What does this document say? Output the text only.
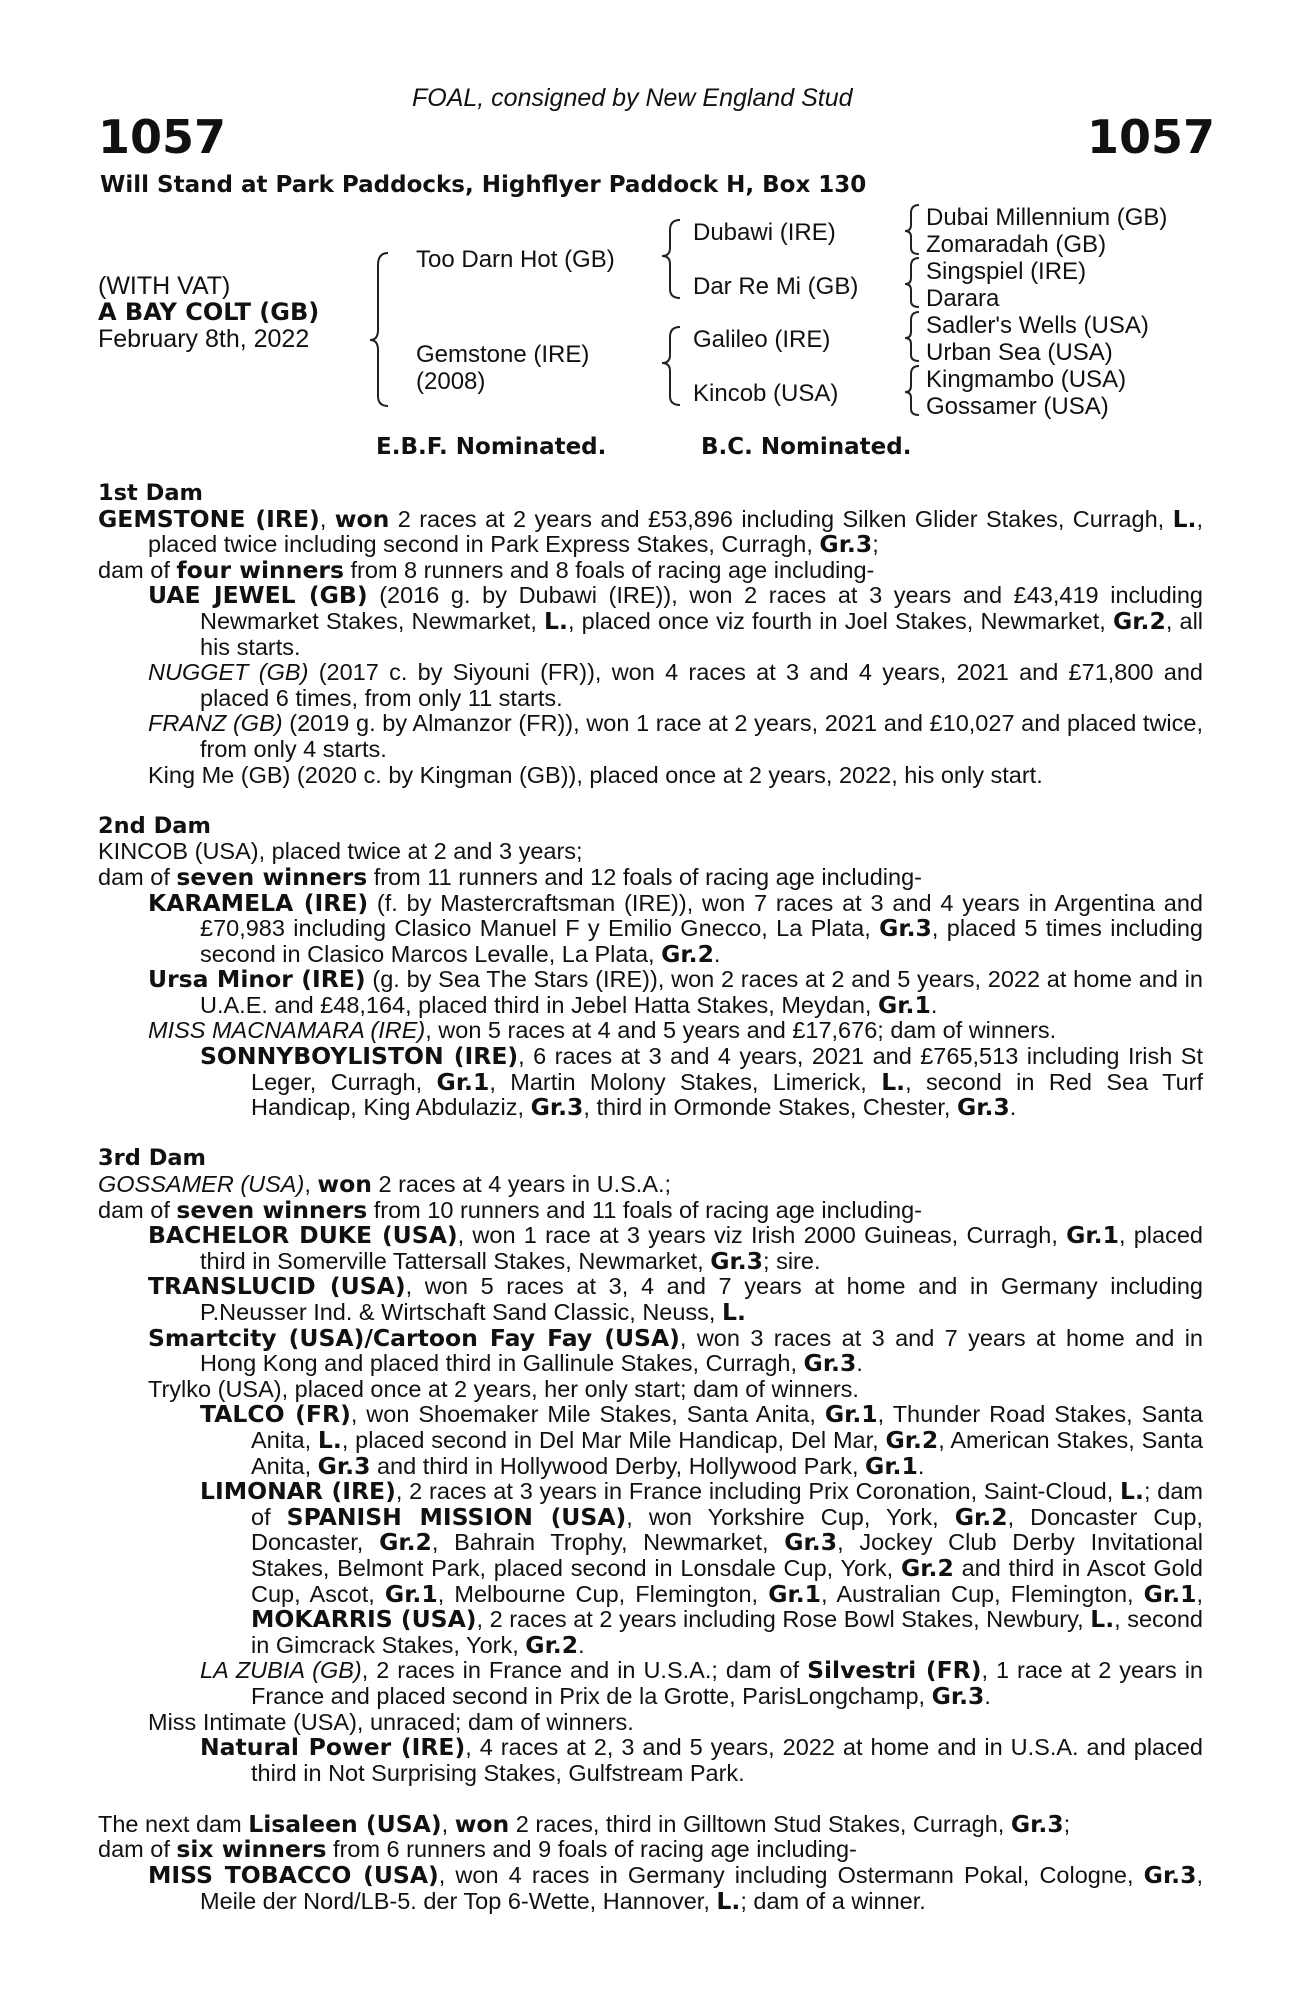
FOAL, consigned by New England Stud
1057	1057
Will Stand at Park Paddocks, Highflyer Paddock H, Box 130
(WITH VAT)
A BAY COLT (GB)
February 8th, 2022
Too Darn Hot (GB)
Gemstone (IRE)
(2008)
Dubawi (IRE)
Dar Re Mi (GB)
Galileo (IRE)
Kincob (USA)
Dubai Millennium (GB)
Zomaradah (GB)
Singspiel (IRE)
Darara
Sadler's Wells (USA)
Urban Sea (USA)
Kingmambo (USA)
Gossamer (USA)
E.B.F. Nominated.	B.C. Nominated.

1st Dam

GEMSTONE (IRE), won 2 races at 2 years and £53,896 including Silken Glider Stakes, Curragh, L., placed twice including second in Park Express Stakes, Curragh, Gr.3;

dam of four winners from 8 runners and 8 foals of racing age including-

UAE JEWEL (GB) (2016 g. by Dubawi (IRE)), won 2 races at 3 years and £43,419 including Newmarket Stakes, Newmarket, L., placed once viz fourth in Joel Stakes, Newmarket, Gr.2, all his starts.

NUGGET (GB) (2017 c. by Siyouni (FR)), won 4 races at 3 and 4 years, 2021 and £71,800 and placed 6 times, from only 11 starts.

FRANZ (GB) (2019 g. by Almanzor (FR)), won 1 race at 2 years, 2021 and £10,027 and placed twice, from only 4 starts.

King Me (GB) (2020 c. by Kingman (GB)), placed once at 2 years, 2022, his only start.

2nd Dam

KINCOB (USA), placed twice at 2 and 3 years;

dam of seven winners from 11 runners and 12 foals of racing age including-

KARAMELA (IRE) (f. by Mastercraftsman (IRE)), won 7 races at 3 and 4 years in Argentina and £70,983 including Clasico Manuel F y Emilio Gnecco, La Plata, Gr.3, placed 5 times including second in Clasico Marcos Levalle, La Plata, Gr.2.

Ursa Minor (IRE) (g. by Sea The Stars (IRE)), won 2 races at 2 and 5 years, 2022 at home and in U.A.E. and £48,164, placed third in Jebel Hatta Stakes, Meydan, Gr.1.

MISS MACNAMARA (IRE), won 5 races at 4 and 5 years and £17,676; dam of winners.

SONNYBOYLISTON (IRE), 6 races at 3 and 4 years, 2021 and £765,513 including Irish St Leger, Curragh, Gr.1, Martin Molony Stakes, Limerick, L., second in Red Sea Turf Handicap, King Abdulaziz, Gr.3, third in Ormonde Stakes, Chester, Gr.3.

3rd Dam

GOSSAMER (USA), won 2 races at 4 years in U.S.A.;

dam of seven winners from 10 runners and 11 foals of racing age including-

BACHELOR DUKE (USA), won 1 race at 3 years viz Irish 2000 Guineas, Curragh, Gr.1, placed third in Somerville Tattersall Stakes, Newmarket, Gr.3; sire.

TRANSLUCID (USA), won 5 races at 3, 4 and 7 years at home and in Germany including P.Neusser Ind. & Wirtschaft Sand Classic, Neuss, L.

Smartcity (USA)/Cartoon Fay Fay (USA), won 3 races at 3 and 7 years at home and in Hong Kong and placed third in Gallinule Stakes, Curragh, Gr.3.

Trylko (USA), placed once at 2 years, her only start; dam of winners.

TALCO (FR), won Shoemaker Mile Stakes, Santa Anita, Gr.1, Thunder Road Stakes, Santa Anita, L., placed second in Del Mar Mile Handicap, Del Mar, Gr.2, American Stakes, Santa Anita, Gr.3 and third in Hollywood Derby, Hollywood Park, Gr.1.

LIMONAR (IRE), 2 races at 3 years in France including Prix Coronation, Saint-Cloud, L.; dam of SPANISH MISSION (USA), won Yorkshire Cup, York, Gr.2, Doncaster Cup, Doncaster, Gr.2, Bahrain Trophy, Newmarket, Gr.3, Jockey Club Derby Invitational Stakes, Belmont Park, placed second in Lonsdale Cup, York, Gr.2 and third in Ascot Gold Cup, Ascot, Gr.1, Melbourne Cup, Flemington, Gr.1, Australian Cup, Flemington, Gr.1, MOKARRIS (USA), 2 races at 2 years including Rose Bowl Stakes, Newbury, L., second in Gimcrack Stakes, York, Gr.2.

LA ZUBIA (GB), 2 races in France and in U.S.A.; dam of Silvestri (FR), 1 race at 2 years in France and placed second in Prix de la Grotte, ParisLongchamp, Gr.3.

Miss Intimate (USA), unraced; dam of winners.

Natural Power (IRE), 4 races at 2, 3 and 5 years, 2022 at home and in U.S.A. and placed third in Not Surprising Stakes, Gulfstream Park.

The next dam Lisaleen (USA), won 2 races, third in Gilltown Stud Stakes, Curragh, Gr.3;

dam of six winners from 6 runners and 9 foals of racing age including-

MISS TOBACCO (USA), won 4 races in Germany including Ostermann Pokal, Cologne, Gr.3, Meile der Nord/LB-5. der Top 6-Wette, Hannover, L.; dam of a winner.
